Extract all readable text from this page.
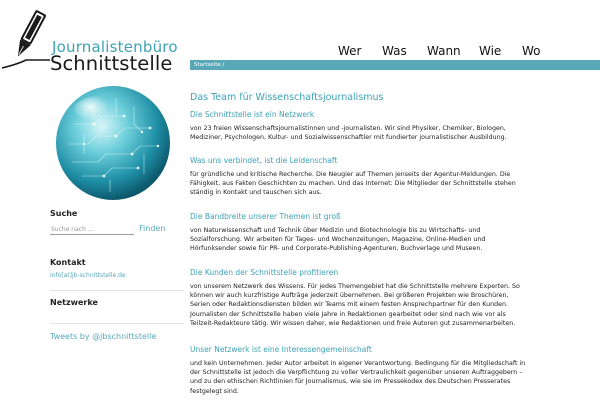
Journalistenbüro
Schnittstelle
Wer Was Wann Wie Wo
Startseite /
Suche
Suche nach ...
Finden
Kontakt
info[at]jb-schnittstelle.de
Netzwerke
Tweets by @jbschnittstelle
Das Team für Wissenschaftsjournalismus
Die Schnittstelle ist ein Netzwerk

von 23 freien Wissenschaftsjournalistinnen und -journalisten. Wir sind Physiker, Chemiker, Biologen, Mediziner, Psychologen, Kultur- und Sozialwissenschaftler mit fundierter journalistischer Ausbildung.

Was uns verbindet, ist die Leidenschaft

für gründliche und kritische Recherche. Die Neugier auf Themen jenseits der Agentur-Meldungen. Die Fähigkeit, aus Fakten Geschichten zu machen. Und das Internet: Die Mitglieder der Schnittstelle stehen ständig in Kontakt und tauschen sich aus.

Die Bandbreite unserer Themen ist groß

von Naturwissenschaft und Technik über Medizin und Biotechnologie bis zu Wirtschafts- und Sozialforschung. Wir arbeiten für Tages- und Wochenzeitungen, Magazine, Online-Medien und Hörfunksender sowie für PR- und Corporate-Publishing-Agenturen, Buchverlage und Museen.

Die Kunden der Schnittstelle profitieren

von unserem Netzwerk des Wissens. Für jedes Themengebiet hat die Schnittstelle mehrere Experten. So können wir auch kurzfristige Aufträge jederzeit übernehmen. Bei größeren Projekten wie Broschüren, Serien oder Redaktionsdiensten bilden wir Teams mit einem festen Ansprechpartner für den Kunden. Journalisten der Schnittstelle haben viele Jahre in Redaktionen gearbeitet oder sind nach wie vor als Teilzeit-Redakteure tätig. Wir wissen daher, wie Redaktionen und freie Autoren gut zusammenarbeiten.

Unser Netzwerk ist eine Interessengemeinschaft

und kein Unternehmen. Jeder Autor arbeitet in eigener Verantwortung. Bedingung für die Mitgliedschaft in der Schnittstelle ist jedoch die Verpflichtung zu voller Vertraulichkeit gegenüber unseren Auftraggebern – und zu den ethischen Richtlinien für Journalismus, wie sie im Pressekodex des Deutschen Presserates festgelegt sind.
